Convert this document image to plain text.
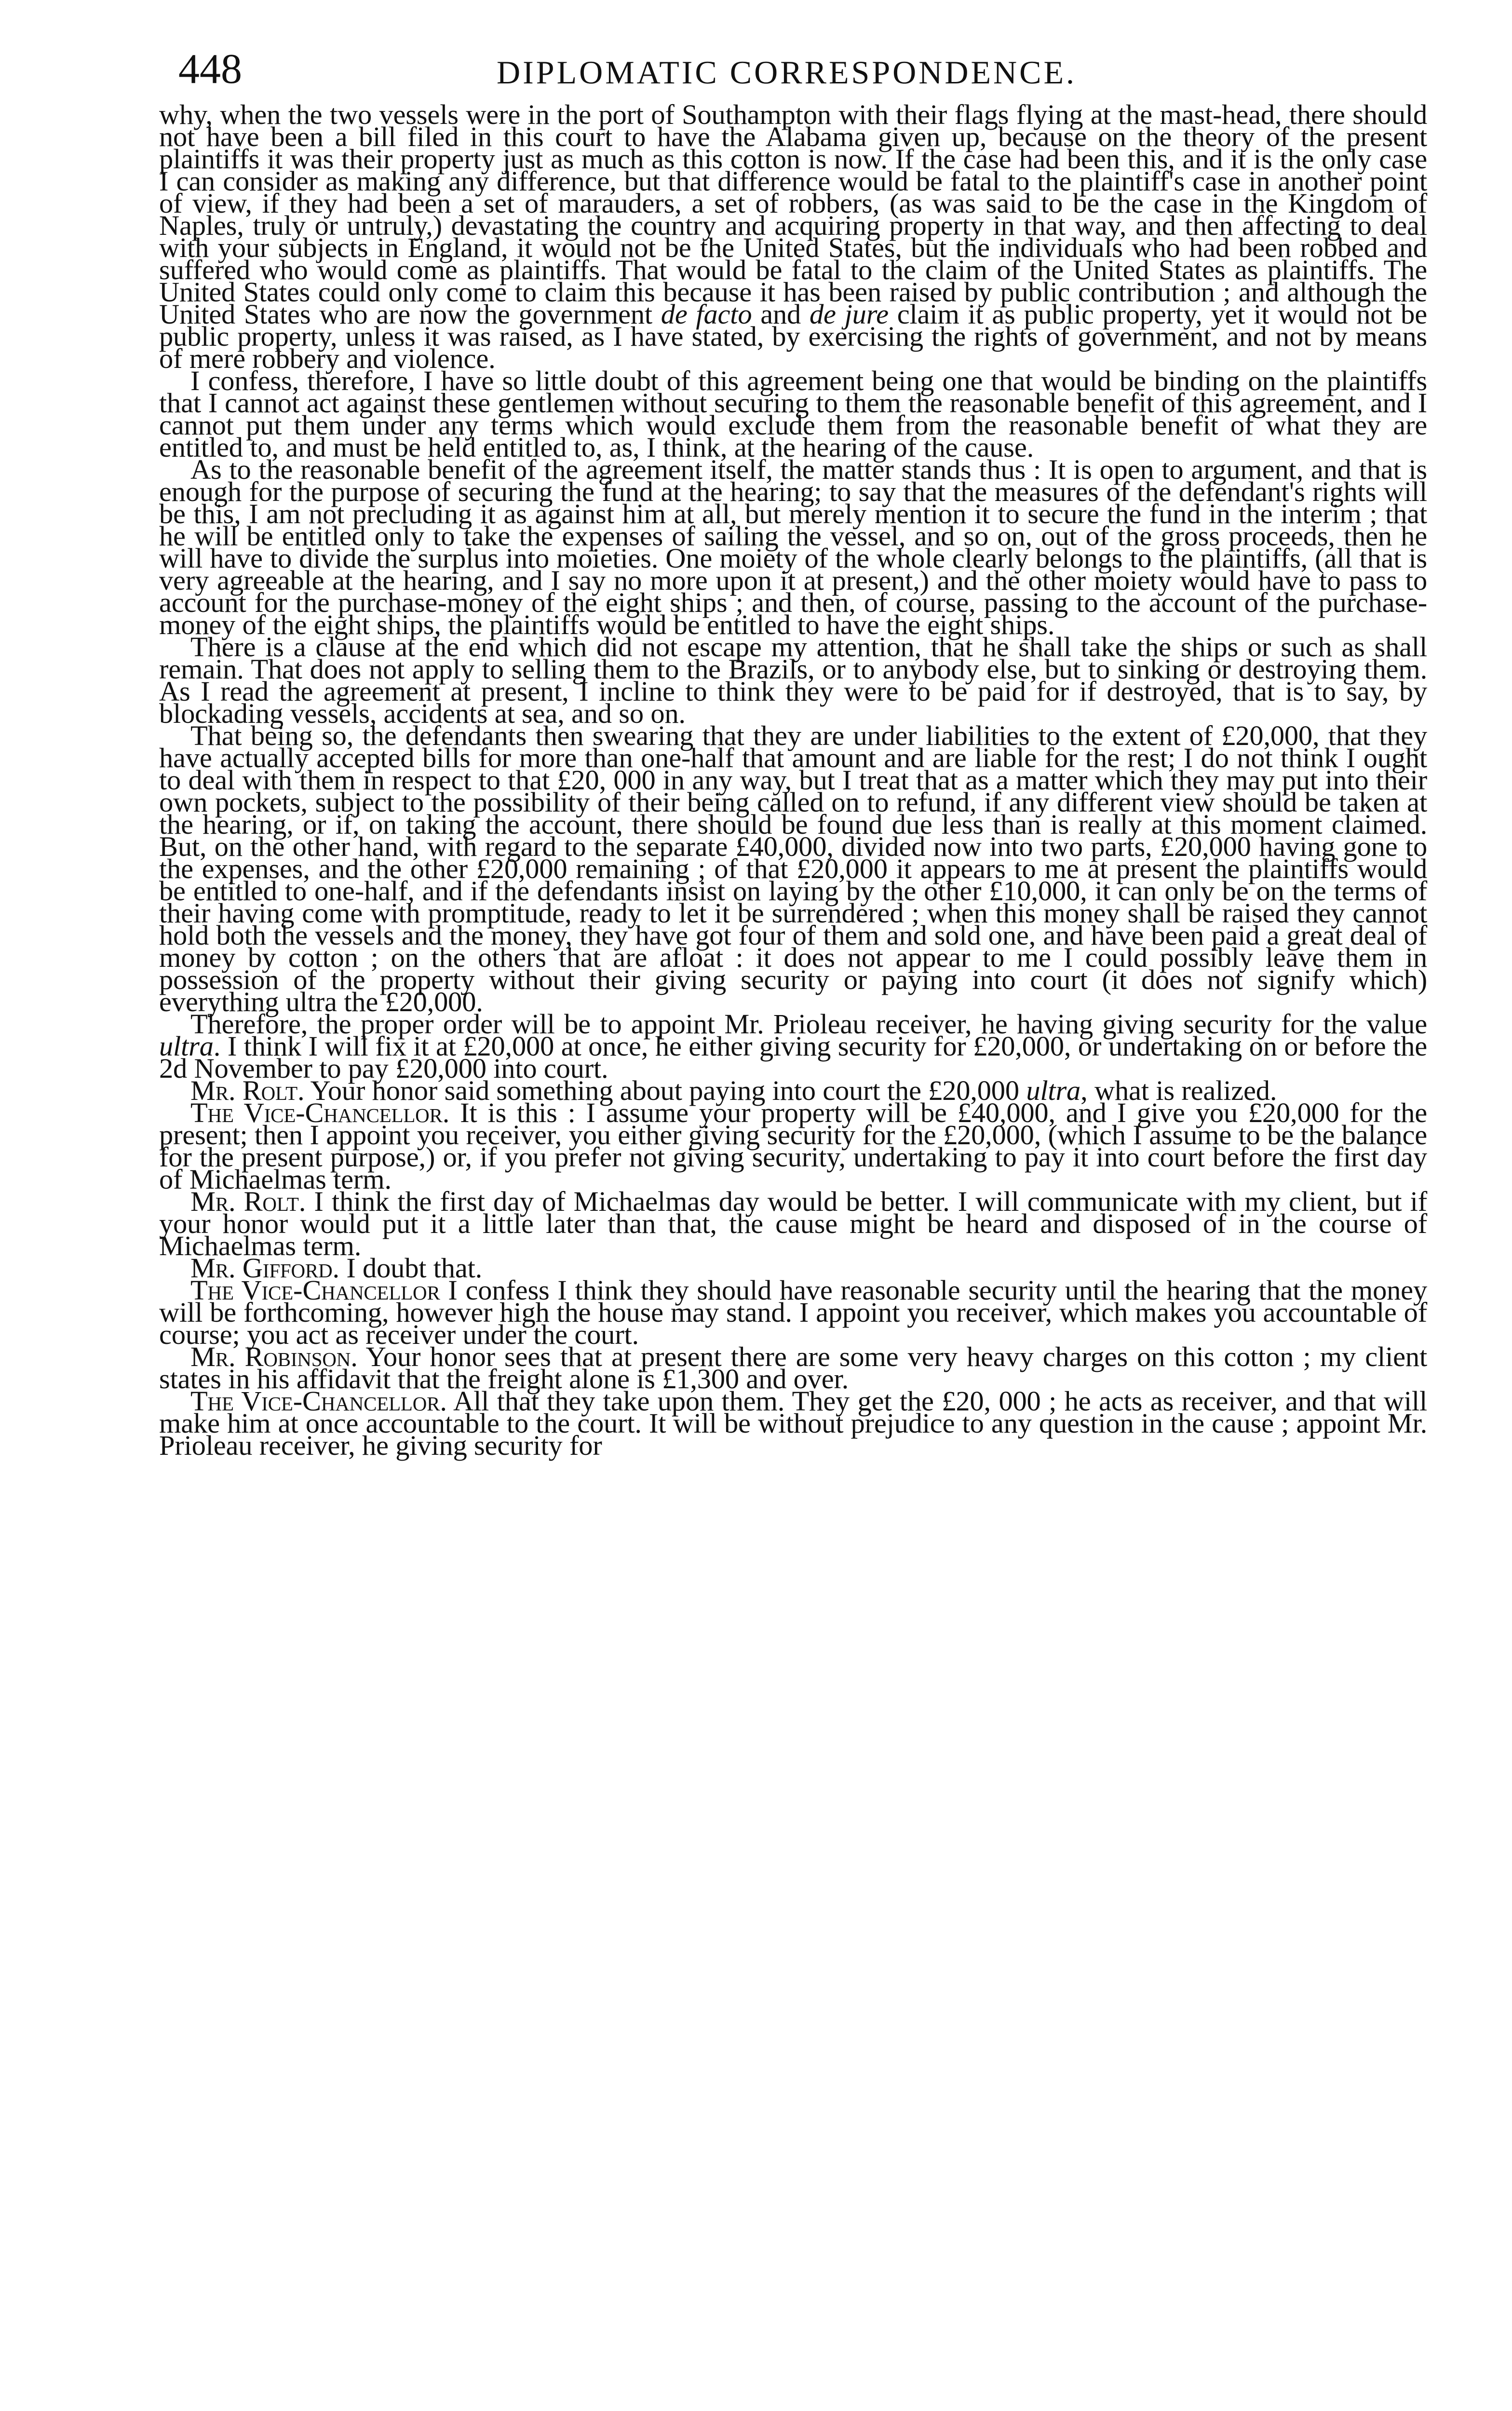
448	DIPLOMATIC CORRESPONDENCE.

why, when the two vessels were in the port of Southampton with their flags flying at the mast-head, there should not have been a bill filed in this court to have the Alabama given up, because on the theory of the present plaintiffs it was their property just as much as this cotton is now. If the case had been this, and it is the only case I can consider as making any difference, but that difference would be fatal to the plaintiff's case in another point of view, if they had been a set of marauders, a set of robbers, (as was said to be the case in the Kingdom of Naples, truly or untruly,) devastating the country and acquiring property in that way, and then affecting to deal with your subjects in England, it would not be the United States, but the individuals who had been robbed and suffered who would come as plaintiffs. That would be fatal to the claim of the United States as plaintiffs. The United States could only come to claim this because it has been raised by public contribution ; and although the United States who are now the government de facto and de jure claim it as public property, yet it would not be public property, unless it was raised, as I have stated, by exercising the rights of government, and not by means of mere robbery and violence.

I confess, therefore, I have so little doubt of this agreement being one that would be binding on the plaintiffs that I cannot act against these gentlemen without securing to them the reasonable benefit of this agreement, and I cannot put them under any terms which would exclude them from the reasonable benefit of what they are entitled to, and must be held entitled to, as, I think, at the hearing of the cause.

As to the reasonable benefit of the agreement itself, the matter stands thus : It is open to argument, and that is enough for the purpose of securing the fund at the hearing; to say that the measures of the defendant's rights will be this, I am not precluding it as against him at all, but merely mention it to secure the fund in the interim ; that he will be entitled only to take the expenses of sailing the vessel, and so on, out of the gross proceeds, then he will have to divide the surplus into moieties. One moiety of the whole clearly belongs to the plaintiffs, (all that is very agreeable at the hearing, and I say no more upon it at present,) and the other moiety would have to pass to account for the purchase-money of the eight ships ; and then, of course, passing to the account of the purchase-money of the eight ships, the plaintiffs would be entitled to have the eight ships.

There is a clause at the end which did not escape my attention, that he shall take the ships or such as shall remain. That does not apply to selling them to the Brazils, or to anybody else, but to sinking or destroying them. As I read the agreement at present, I incline to think they were to be paid for if destroyed, that is to say, by blockading vessels, accidents at sea, and so on.

That being so, the defendants then swearing that they are under liabilities to the extent of £20,000, that they have actually accepted bills for more than one-half that amount and are liable for the rest; I do not think I ought to deal with them in respect to that £20, 000 in any way, but I treat that as a matter which they may put into their own pockets, subject to the possibility of their being called on to refund, if any different view should be taken at the hearing, or if, on taking the account, there should be found due less than is really at this moment claimed. But, on the other hand, with regard to the separate £40,000, divided now into two parts, £20,000 having gone to the expenses, and the other £20,000 remaining ; of that £20,000 it appears to me at present the plaintiffs would be entitled to one-half, and if the defendants insist on laying by the other £10,000, it can only be on the terms of their having come with promptitude, ready to let it be surrendered ; when this money shall be raised they cannot hold both the vessels and the money, they have got four of them and sold one, and have been paid a great deal of money by cotton ; on the others that are afloat : it does not appear to me I could possibly leave them in possession of the property without their giving security or paying into court (it does not signify which) everything ultra the £20,000.

Therefore, the proper order will be to appoint Mr. Prioleau receiver, he having giving security for the value ultra. I think I will fix it at £20,000 at once, he either giving security for £20,000, or undertaking on or before the 2d November to pay £20,000 into court.

Mr. Rolt. Your honor said something about paying into court the £20,000 ultra, what is realized.

The Vice-Chancellor. It is this : I assume your property will be £40,000, and I give you £20,000 for the present; then I appoint you receiver, you either giving security for the £20,000, (which I assume to be the balance for the present purpose,) or, if you prefer not giving security, undertaking to pay it into court before the first day of Michaelmas term.

Mr. Rolt. I think the first day of Michaelmas day would be better. I will communicate with my client, but if your honor would put it a little later than that, the cause might be heard and disposed of in the course of Michaelmas term.

Mr. Gifford. I doubt that.

The Vice-Chancellor I confess I think they should have reasonable security until the hearing that the money will be forthcoming, however high the house may stand. I appoint you receiver, which makes you accountable of course; you act as receiver under the court.

Mr. Robinson. Your honor sees that at present there are some very heavy charges on this cotton ; my client states in his affidavit that the freight alone is £1,300 and over.

The Vice-Chancellor. All that they take upon them. They get the £20, 000 ; he acts as receiver, and that will make him at once accountable to the court. It will be without prejudice to any question in the cause ; appoint Mr. Prioleau receiver, he giving security for
